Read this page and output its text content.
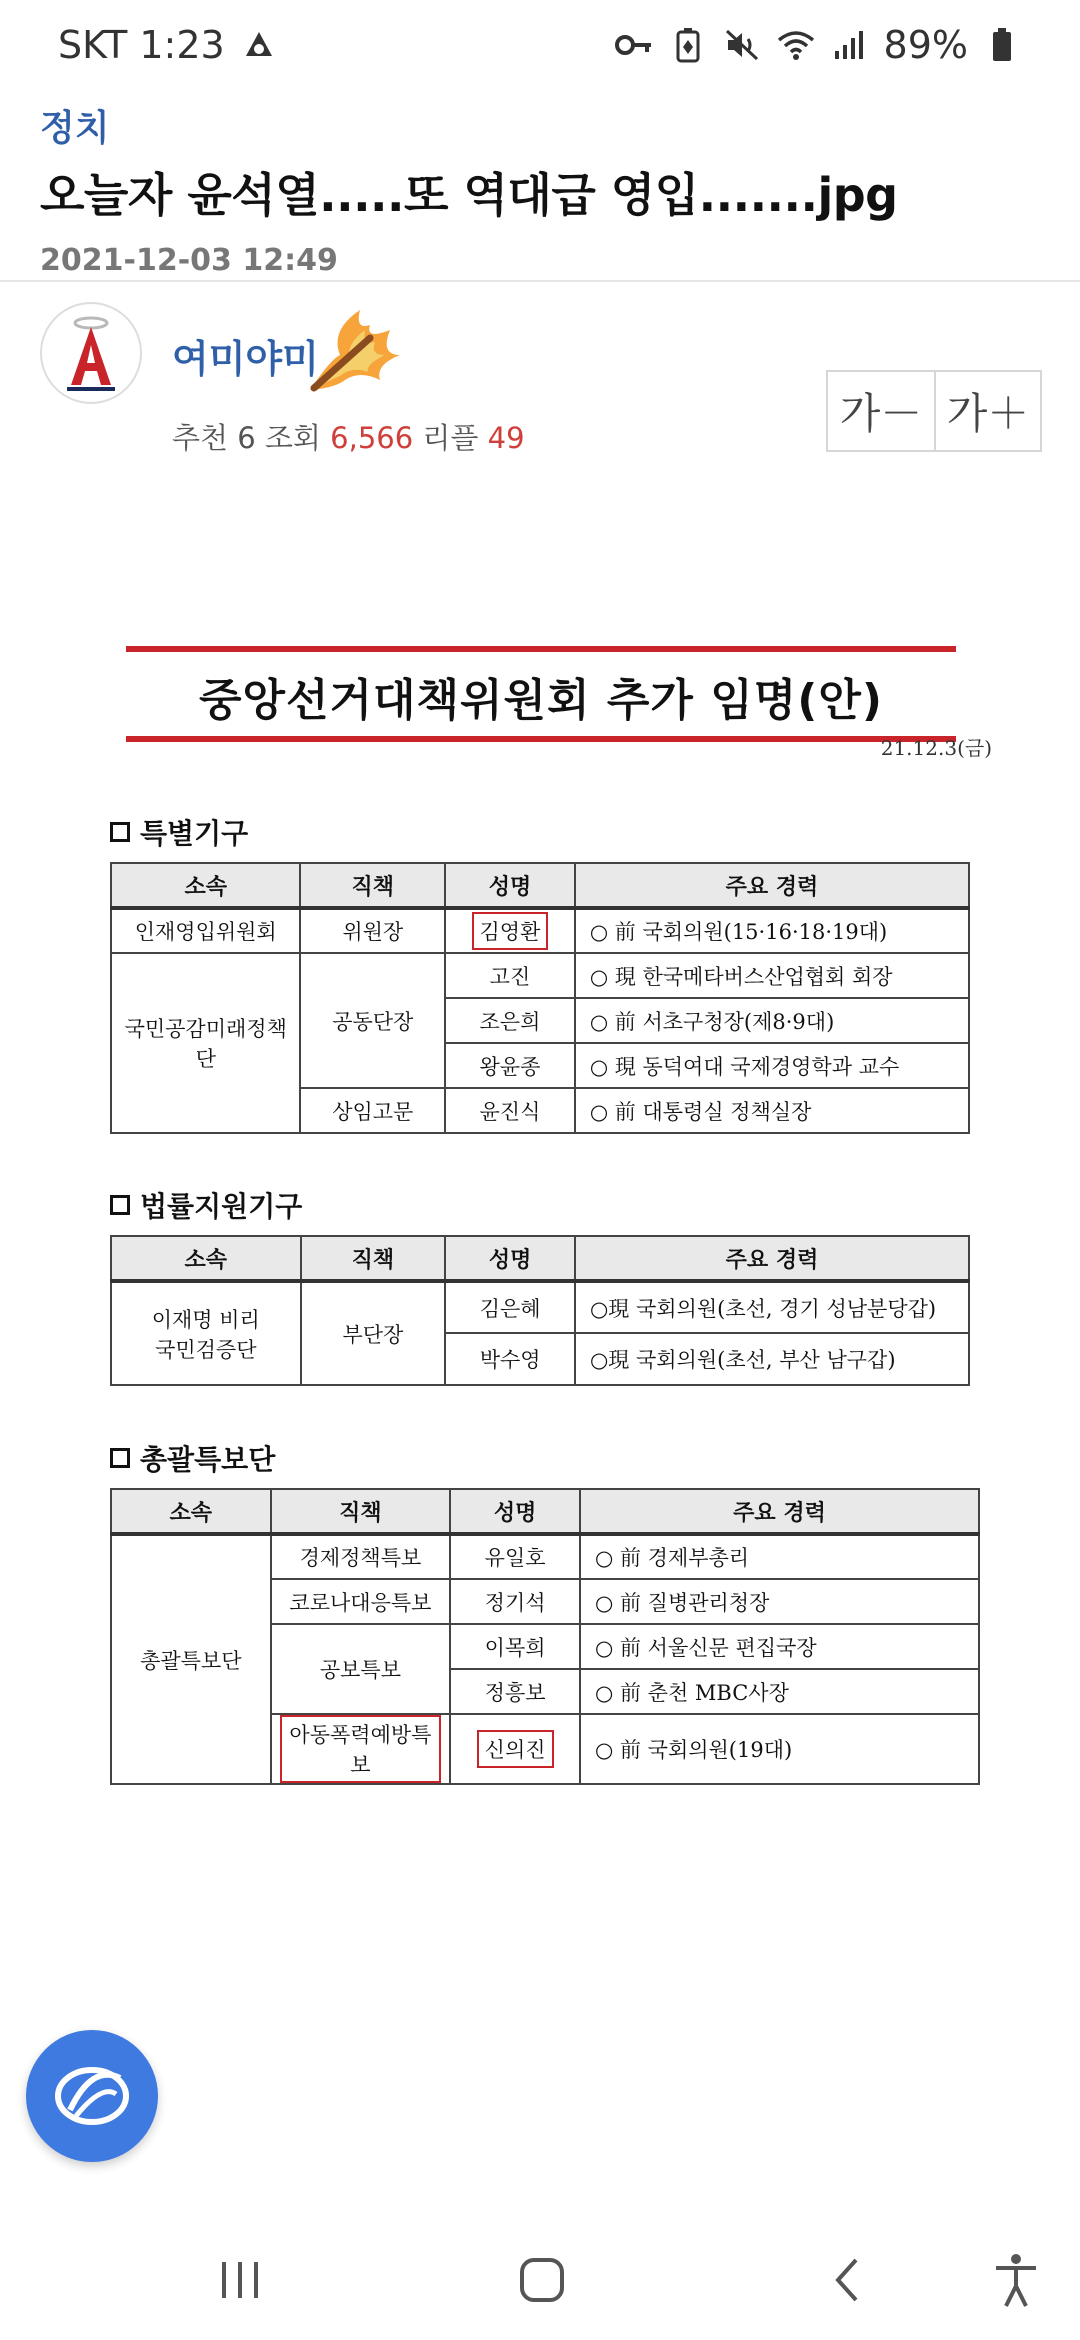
SKT 1:23	89%
정치
오늘자 윤석열.....또 역대급 영입.......jpg
2021-12-03 12:49
여미야미
추천 6 조회 6,566 리플 49	가－ 가＋
중앙선거대책위원회 추가 임명(안)
21.12.3(금)
특별기구
소속	직책	성명	주요 경력
인재영입위원회	위원장	김영환	○ 前 국회의원(15·16·18·19대)
국민공감미래정책단	공동단장	고진	○ 現 한국메타버스산업협회 회장
		조은희	○ 前 서초구청장(제8·9대)
		왕윤종	○ 現 동덕여대 국제경영학과 교수
	상임고문	윤진식	○ 前 대통령실 정책실장
법률지원기구
소속	직책	성명	주요 경력

이재명 비리
국민검증단	부단장	김은혜	○現 국회의원(초선, 경기 성남분당갑)
		박수영	○現 국회의원(초선, 부산 남구갑)
총괄특보단
소속	직책	성명	주요 경력
총괄특보단	경제정책특보	유일호	○ 前 경제부총리
	코로나대응특보	정기석	○ 前 질병관리청장
	공보특보	이목희	○ 前 서울신문 편집국장
		정흥보	○ 前 춘천 MBC사장
	아동폭력예방특보	신의진	○ 前 국회의원(19대)
